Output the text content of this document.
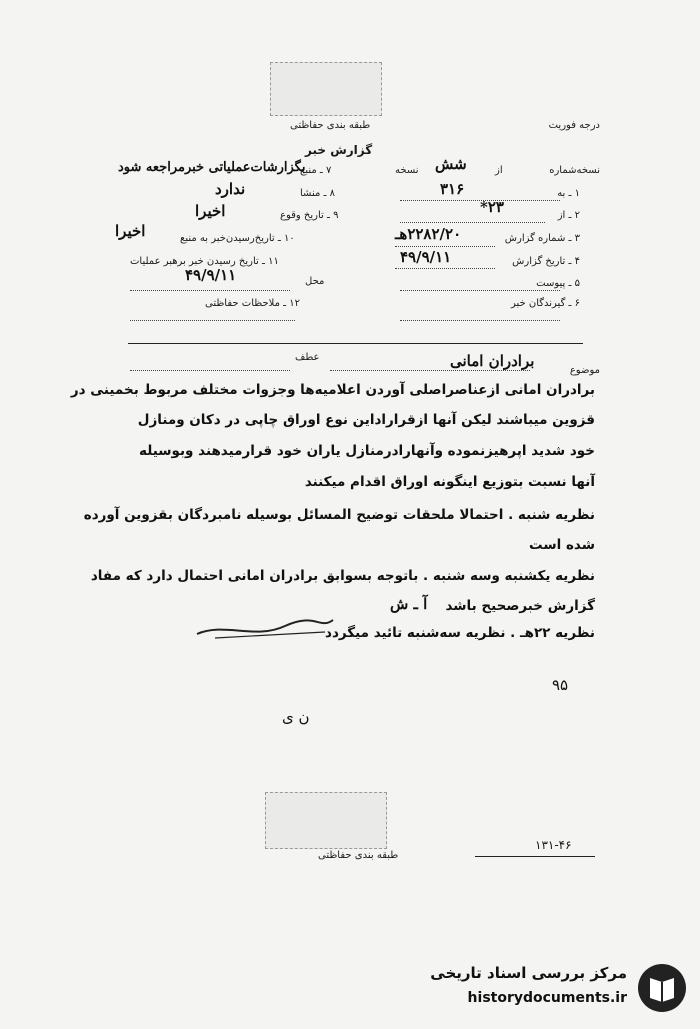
درجه فوریت
طبقه بندی حفاظتی
گزارش خبر
نسخه‌شماره
شش	از
نسخه
۱ ـ به
۳۱۶
۲ ـ از
۲۳*
۳ ـ شماره گزارش
۲۲۸۲/۲۰هـ
۴ ـ تاریخ گزارش
۴۹/۹/۱۱
۵ ـ پیوست
۶ ـ گیرندگان خبر
۷ ـ منبع
بگزارشات‌عملیاتی خبرمراجعه شود
۸ ـ منشا
ندارد
۹ ـ تاریخ وقوع
اخیرا
۱۰ ـ تاریخ‌رسیدن‌خبر به منبع
اخیرا
۱۱ ـ تاریخ رسیدن خبر برهبر عملیات
محل
۴۹/۹/۱۱
۱۲ ـ ملاحظات حفاظتی
موضوع
برادران امانی
عطف
برادران امانی ازعناصراصلی آوردن اعلامیه‌ها وجزوات مختلف مربوط بخمینی در
قزوین میباشند لیکن آنها ازقراراداین نوع اوراق چاپی در دکان ومنازل
خود شدید اپرهیزنموده وآنهارادرمنازل یاران خود قرارمیدهند وبوسیله
آنها نسبت بتوزیع اینگونه اوراق اقدام میکنند
نظریه شنبه . احتمالا ملحقات توضیح المسائل بوسیله نامبردگان بقزوین آورده
شده است
نظریه یکشنبه وسه شنبه . باتوجه بسوابق برادران امانی احتمال دارد که مفاد
گزارش خبرصحیح باشد
آ ـ ش
نظریه ۲۲هـ . نظریه سه‌شنبه تائید میگردد
۹۵
ن ی
طبقه بندی حفاظتی
۱۳۱-۴۶
مرکز بررسی اسناد تاریخی
historydocuments.ir
